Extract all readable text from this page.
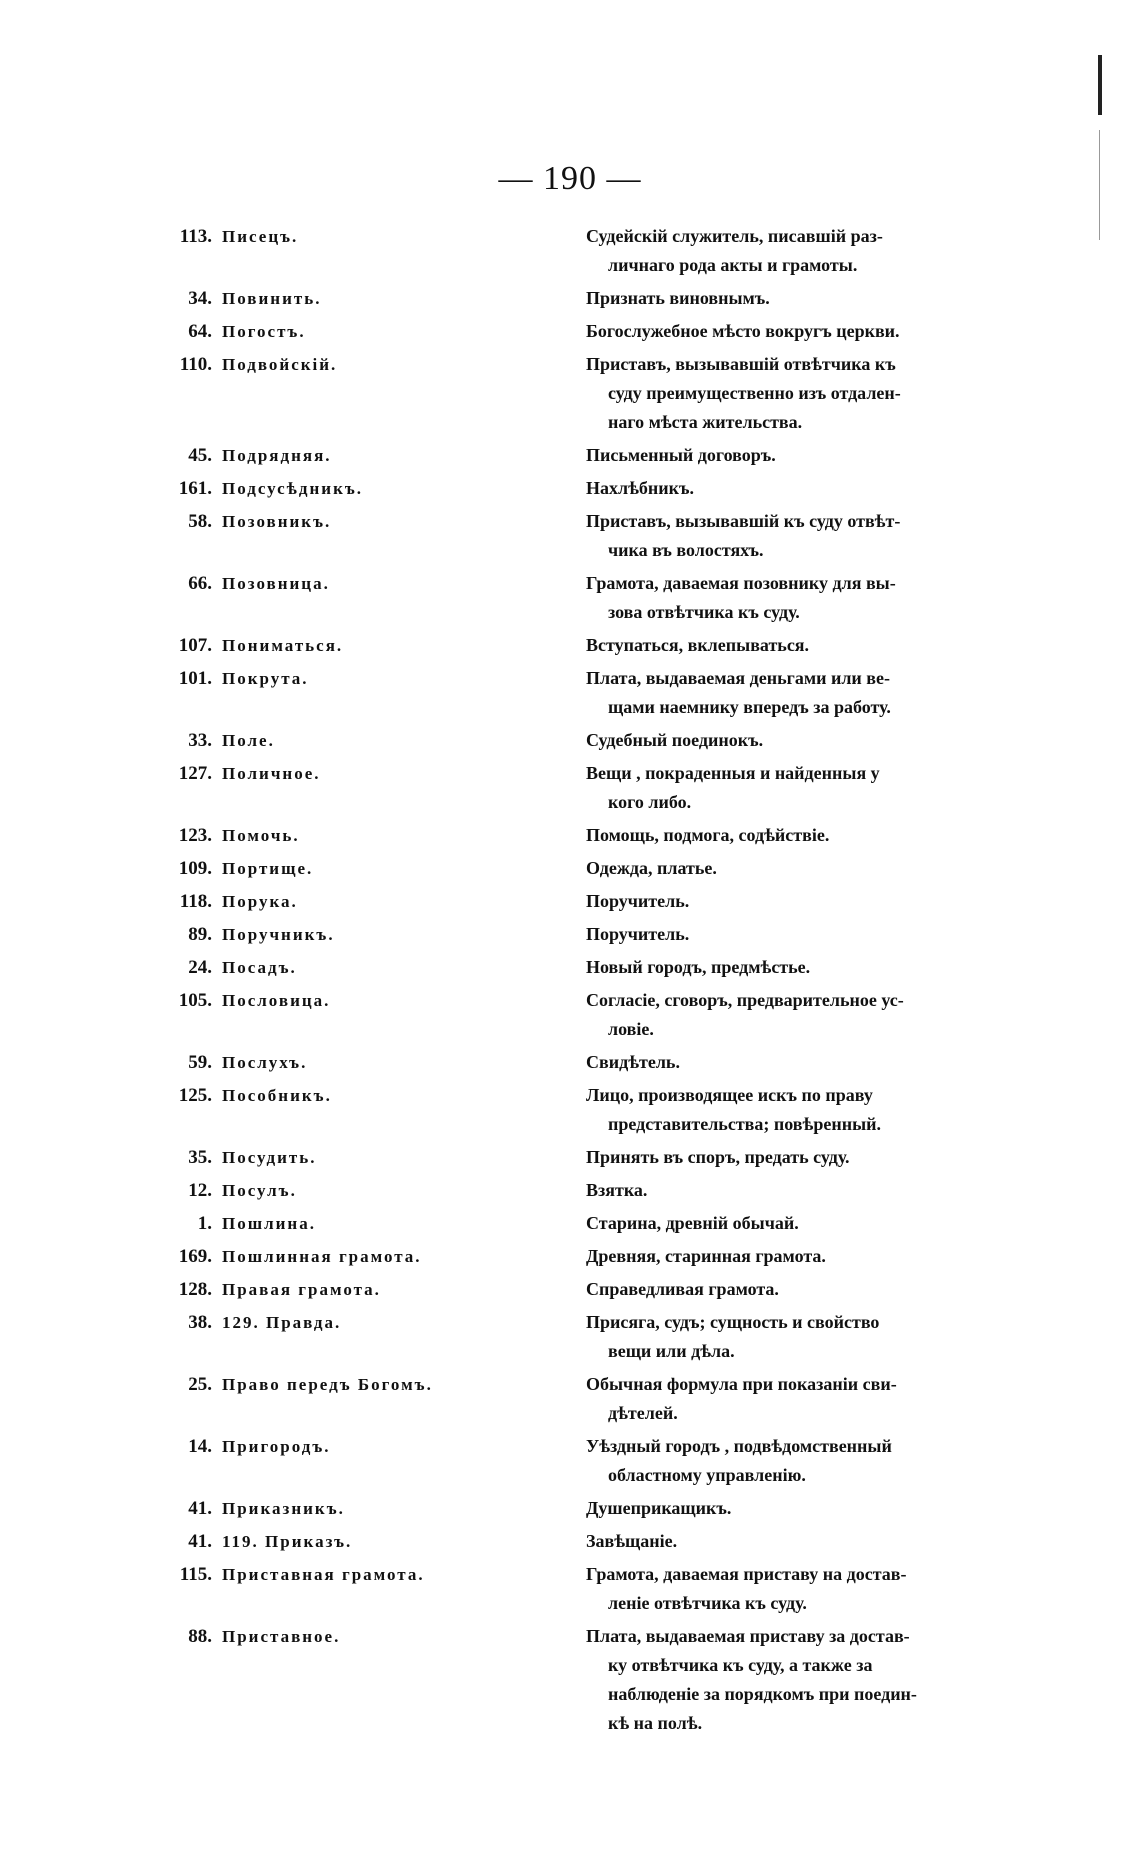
— 190 —
113. Писецъ.	Судейскій служитель, писавшій раз-
личнаго рода акты и грамоты.
34. Повинить.	Признать виновнымъ.
64. Погостъ.	Богослужебное мѣсто вокругъ церкви.
110. Подвойскій.	Приставъ, вызывавшій отвѣтчика къ
суду преимущественно изъ отдален-
наго мѣста жительства.
45. Подрядняя.	Письменный договоръ.
161. Подсусѣдникъ.	Нахлѣбникъ.
58. Позовникъ.	Приставъ, вызывавшій къ суду отвѣт-
чика въ волостяхъ.
66. Позовница.	Грамота, даваемая позовнику для вы-
зова отвѣтчика къ суду.
107. Пониматься.	Вступаться, вклепываться.
101. Покрута.	Плата, выдаваемая деньгами или ве-
щами наемнику впередъ за работу.
33. Поле.	Судебный поединокъ.
127. Поличное.	Вещи , покраденныя и найденныя у
кого либо.
123. Помочь.	Помощь, подмога, содѣйствіе.
109. Портище.	Одежда, платье.
118. Порука.	Поручитель.
89. Поручникъ.	Поручитель.
24. Посадъ.	Новый городъ, предмѣстье.
105. Пословица.	Согласіе, сговоръ, предварительное ус-
ловіе.
59. Послухъ.	Свидѣтель.
125. Пособникъ.	Лицо, производящее искъ по праву
представительства; повѣренный.
35. Посудить.	Принять въ споръ, предать суду.
12. Посулъ.	Взятка.
1. Пошлина.	Старина, древній обычай.
169. Пошлинная грамота.	Древняя, старинная грамота.
128. Правая грамота.	Справедливая грамота.
38. 129. Правда.	Присяга, судъ; сущность и свойство
вещи или дѣла.
25. Право передъ Богомъ.	Обычная формула при показаніи сви-
дѣтелей.
14. Пригородъ.	Уѣздный городъ , подвѣдомственный
областному управленію.
41. Приказникъ.	Душеприкащикъ.
41. 119. Приказъ.	Завѣщаніе.
115. Приставная грамота.	Грамота, даваемая приставу на достав-
леніе отвѣтчика къ суду.
88. Приставное.	Плата, выдаваемая приставу за достав-
ку отвѣтчика къ суду, а также за
наблюденіе за порядкомъ при поедин-
кѣ на полѣ.
